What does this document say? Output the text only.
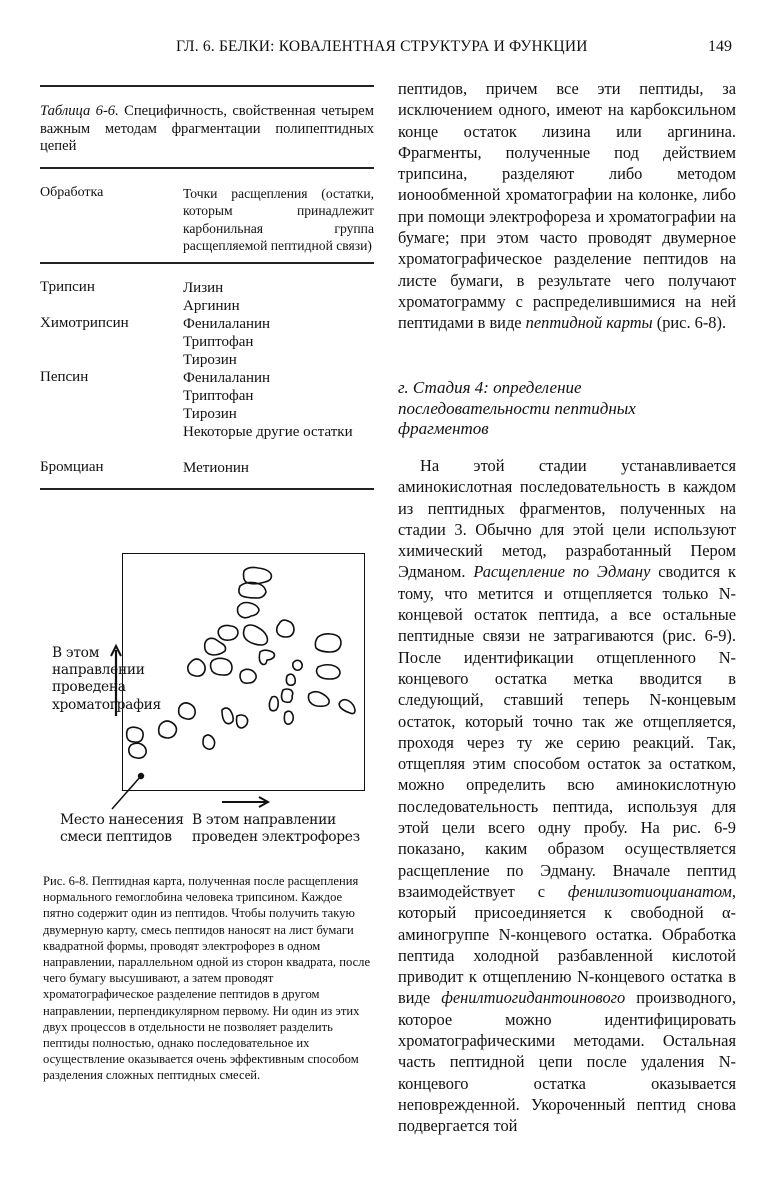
ГЛ. 6. БЕЛКИ: КОВАЛЕНТНАЯ СТРУКТУРА И ФУНКЦИИ	149
Таблица 6-6. Специфичность, свойственная четырем важным методам фрагментации полипептидных цепей
Обработка	Точки расщепления (остатки, которым принадлежит карбонильная группа расщепляемой пептидной связи)
Трипсин	Лизин
Аргинин
Химотрипсин	Фенилаланин
Триптофан
Тирозин
Пепсин	Фенилаланин
Триптофан
Тирозин
Некоторые другие остатки
Бромциан	Метионин
В этом направлении проведена хроматография
Место нанесения
смеси пептидов
В этом направлении
проведен электрофорез
Рис. 6-8. Пептидная карта, полученная после расщепления нормального гемоглобина человека трипсином. Каждое пятно содержит один из пептидов. Чтобы получить такую двумерную карту, смесь пептидов наносят на лист бумаги квадратной формы, проводят электрофорез в одном направлении, параллельном одной из сторон квадрата, после чего бумагу высушивают, а затем проводят хроматографическое разделение пептидов в другом направлении, перпендикулярном первому. Ни один из этих двух процессов в отдельности не позволяет разделить пептиды полностью, однако последовательное их осуществление оказывается очень эффективным способом разделения сложных пептидных смесей.

пептидов, причем все эти пептиды, за исключением одного, имеют на карбоксильном конце остаток лизина или аргинина. Фрагменты, полученные под действием трипсина, разделяют либо методом ионообменной хроматографии на колонке, либо при помощи электрофореза и хроматографии на бумаге; при этом часто проводят двумерное хроматографическое разделение пептидов на листе бумаги, в результате чего получают хроматограмму с распределившимися на ней пептидами в виде пептидной карты (рис. 6-8).

г. Стадия 4: определение последовательности пептидных фрагментов

На этой стадии устанавливается аминокислотная последовательность в каждом из пептидных фрагментов, полученных на стадии 3. Обычно для этой цели используют химический метод, разработанный Пером Эдманом. Расщепление по Эдману сводится к тому, что метится и отщепляется только N-концевой остаток пептида, а все остальные пептидные связи не затрагиваются (рис. 6-9). После идентификации отщепленного N-концевого остатка метка вводится в следующий, ставший теперь N-концевым остаток, который точно так же отщепляется, проходя через ту же серию реакций. Так, отщепляя этим способом остаток за остатком, можно определить всю аминокислотную последовательность пептида, используя для этой цели всего одну пробу. На рис. 6-9 показано, каким образом осуществляется расщепление по Эдману. Вначале пептид взаимодействует с фенилизотиоцианатом, который присоединяется к свободной α-аминогруппе N-концевого остатка. Обработка пептида холодной разбавленной кислотой приводит к отщеплению N-концевого остатка в виде фенилтиогидантоинового производного, которое можно идентифицировать хроматографическими методами. Остальная часть пептидной цепи после удаления N-концевого остатка оказывается неповрежденной. Укороченный пептид снова подвергается той
